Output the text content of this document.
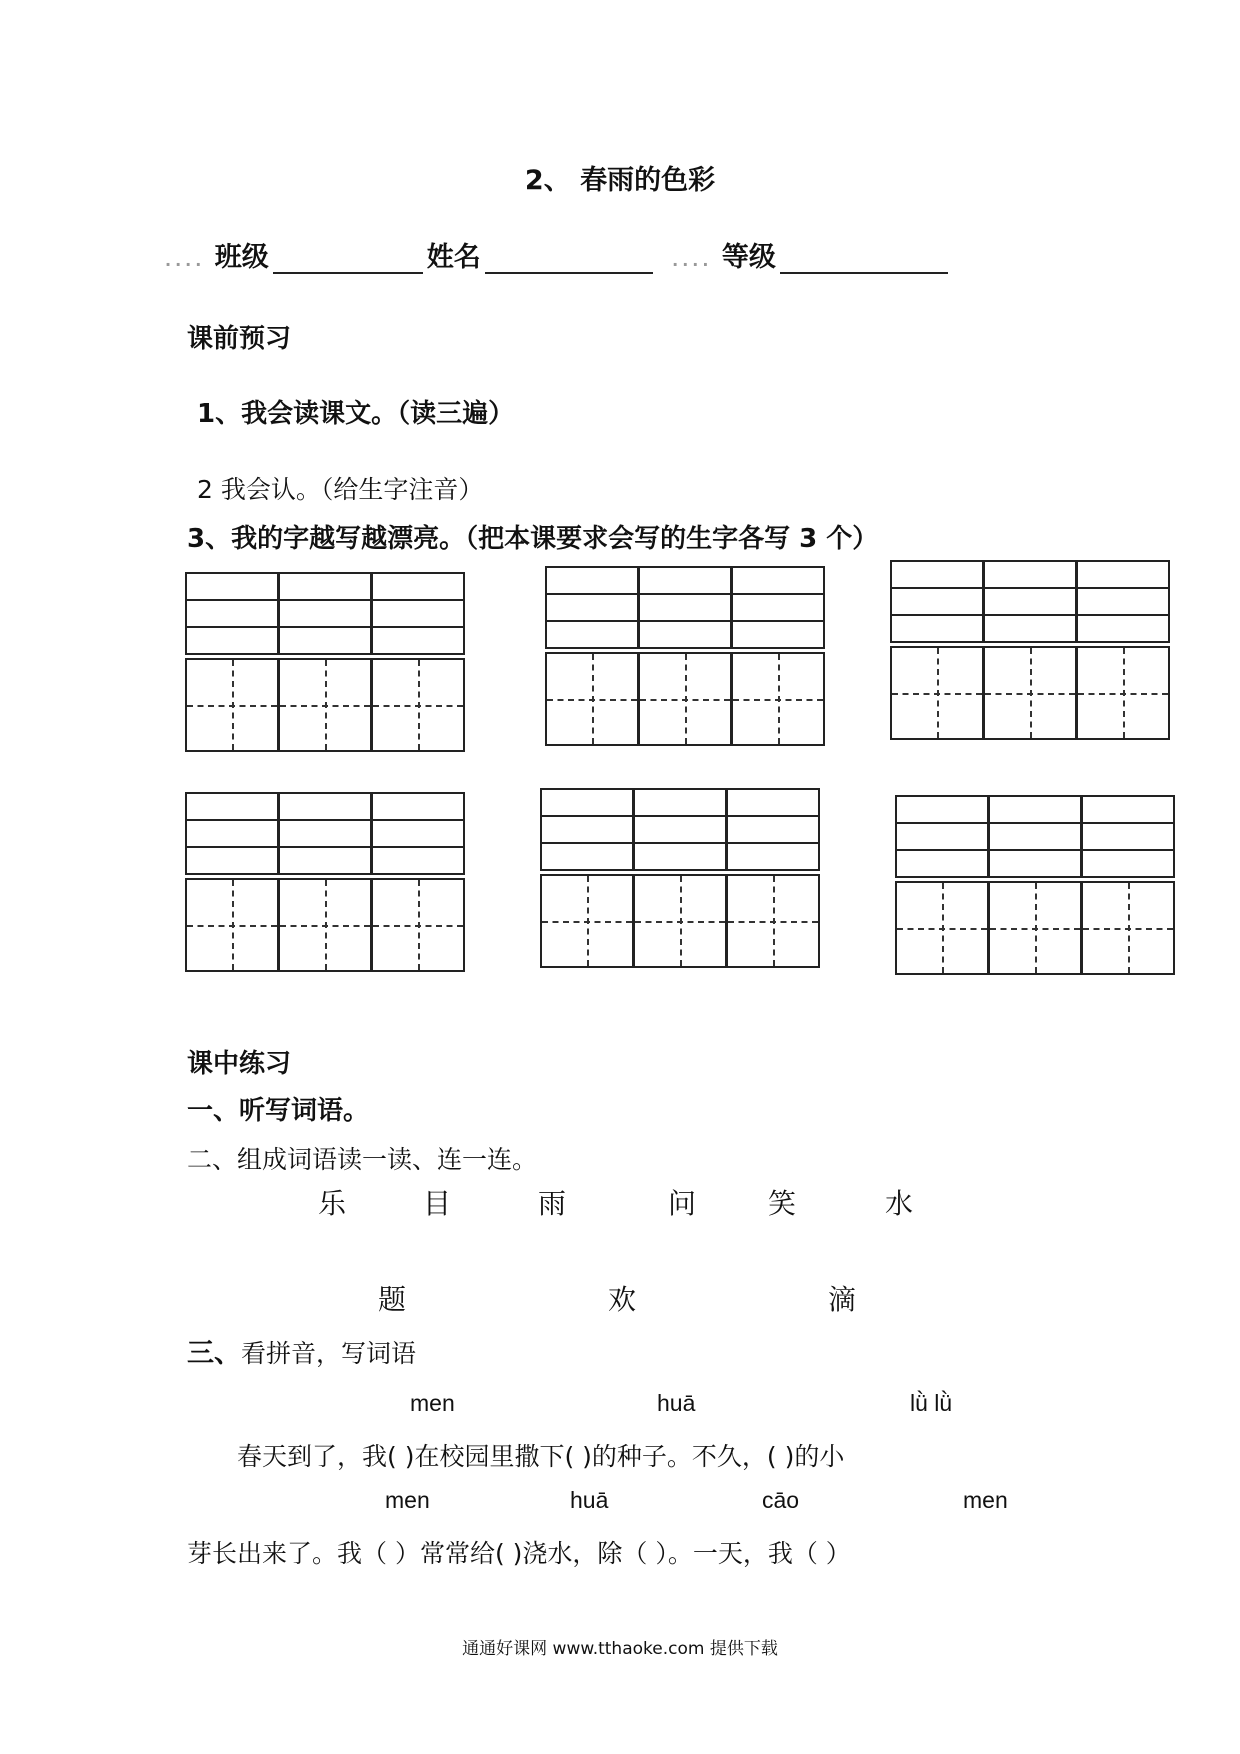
2、 春雨的色彩
.... 班级	姓名	.... 等级
课前预习
1、我会读课文。（读三遍）
2 我会认。（给生字注音）
3、我的字越写越漂亮。（把本课要求会写的生字各写 3 个）
课中练习
一、听写词语。
二、组成词语读一读、连一连。
乐	目	雨	问	笑	水
题	欢	滴
三、看拼音，写词语
men	huā	lǜ lǜ
春天到了，我( )在校园里撒下( )的种子。不久，( )的小
men	huā	cāo	men
芽长出来了。我（ ）常常给( )浇水，除（ ）。一天，我（ ）
通通好课网 www.tthaoke.com 提供下载
